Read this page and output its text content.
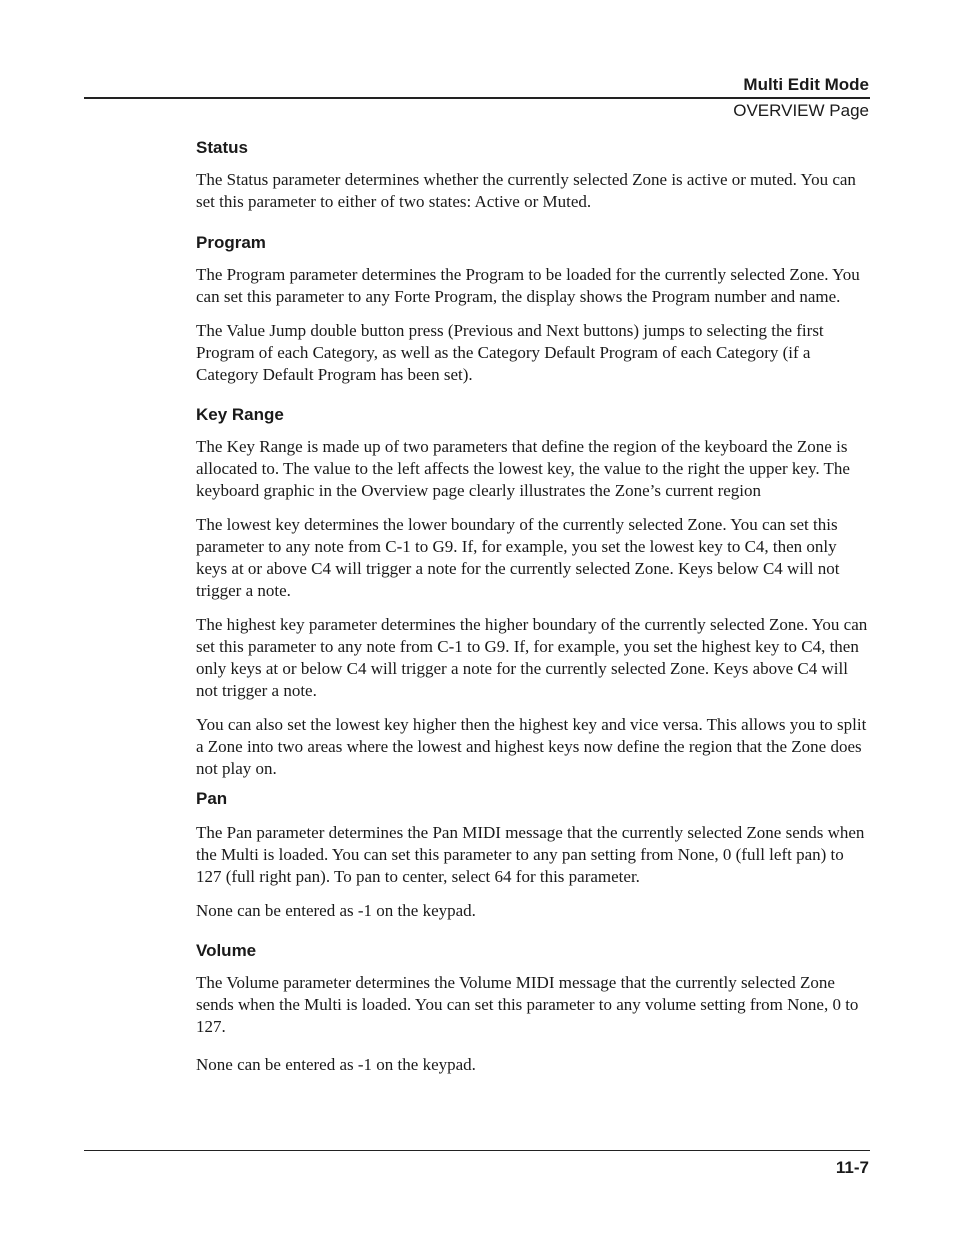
Multi Edit Mode
OVERVIEW Page
Status

The Status parameter determines whether the currently selected Zone is active or muted. You can set this parameter to either of two states: Active or Muted.

Program

The Program parameter determines the Program to be loaded for the currently selected Zone. You can set this parameter to any Forte Program, the display shows the Program number and name.

The Value Jump double button press (Previous and Next buttons) jumps to selecting the first Program of each Category, as well as the Category Default Program of each Category (if a Category Default Program has been set).

Key Range

The Key Range is made up of two parameters that define the region of the keyboard the Zone is allocated to. The value to the left affects the lowest key, the value to the right the upper key. The keyboard graphic in the Overview page clearly illustrates the Zone’s current region

The lowest key determines the lower boundary of the currently selected Zone. You can set this parameter to any note from C-1 to G9. If, for example, you set the lowest key to C4, then only keys at or above C4 will trigger a note for the currently selected Zone. Keys below C4 will not trigger a note.

The highest key parameter determines the higher boundary of the currently selected Zone. You can set this parameter to any note from C-1 to G9. If, for example, you set the highest key to C4, then only keys at or below C4 will trigger a note for the currently selected Zone. Keys above C4 will not trigger a note.

You can also set the lowest key higher then the highest key and vice versa. This allows you to split a Zone into two areas where the lowest and highest keys now define the region that the Zone does not play on.

Pan

The Pan parameter determines the Pan MIDI message that the currently selected Zone sends when the Multi is loaded. You can set this parameter to any pan setting from None, 0 (full left pan) to 127 (full right pan). To pan to center, select 64 for this parameter.

None can be entered as -1 on the keypad.

Volume

The Volume parameter determines the Volume MIDI message that the currently selected Zone sends when the Multi is loaded. You can set this parameter to any volume setting from None, 0 to 127.

None can be entered as -1 on the keypad.

11-7
